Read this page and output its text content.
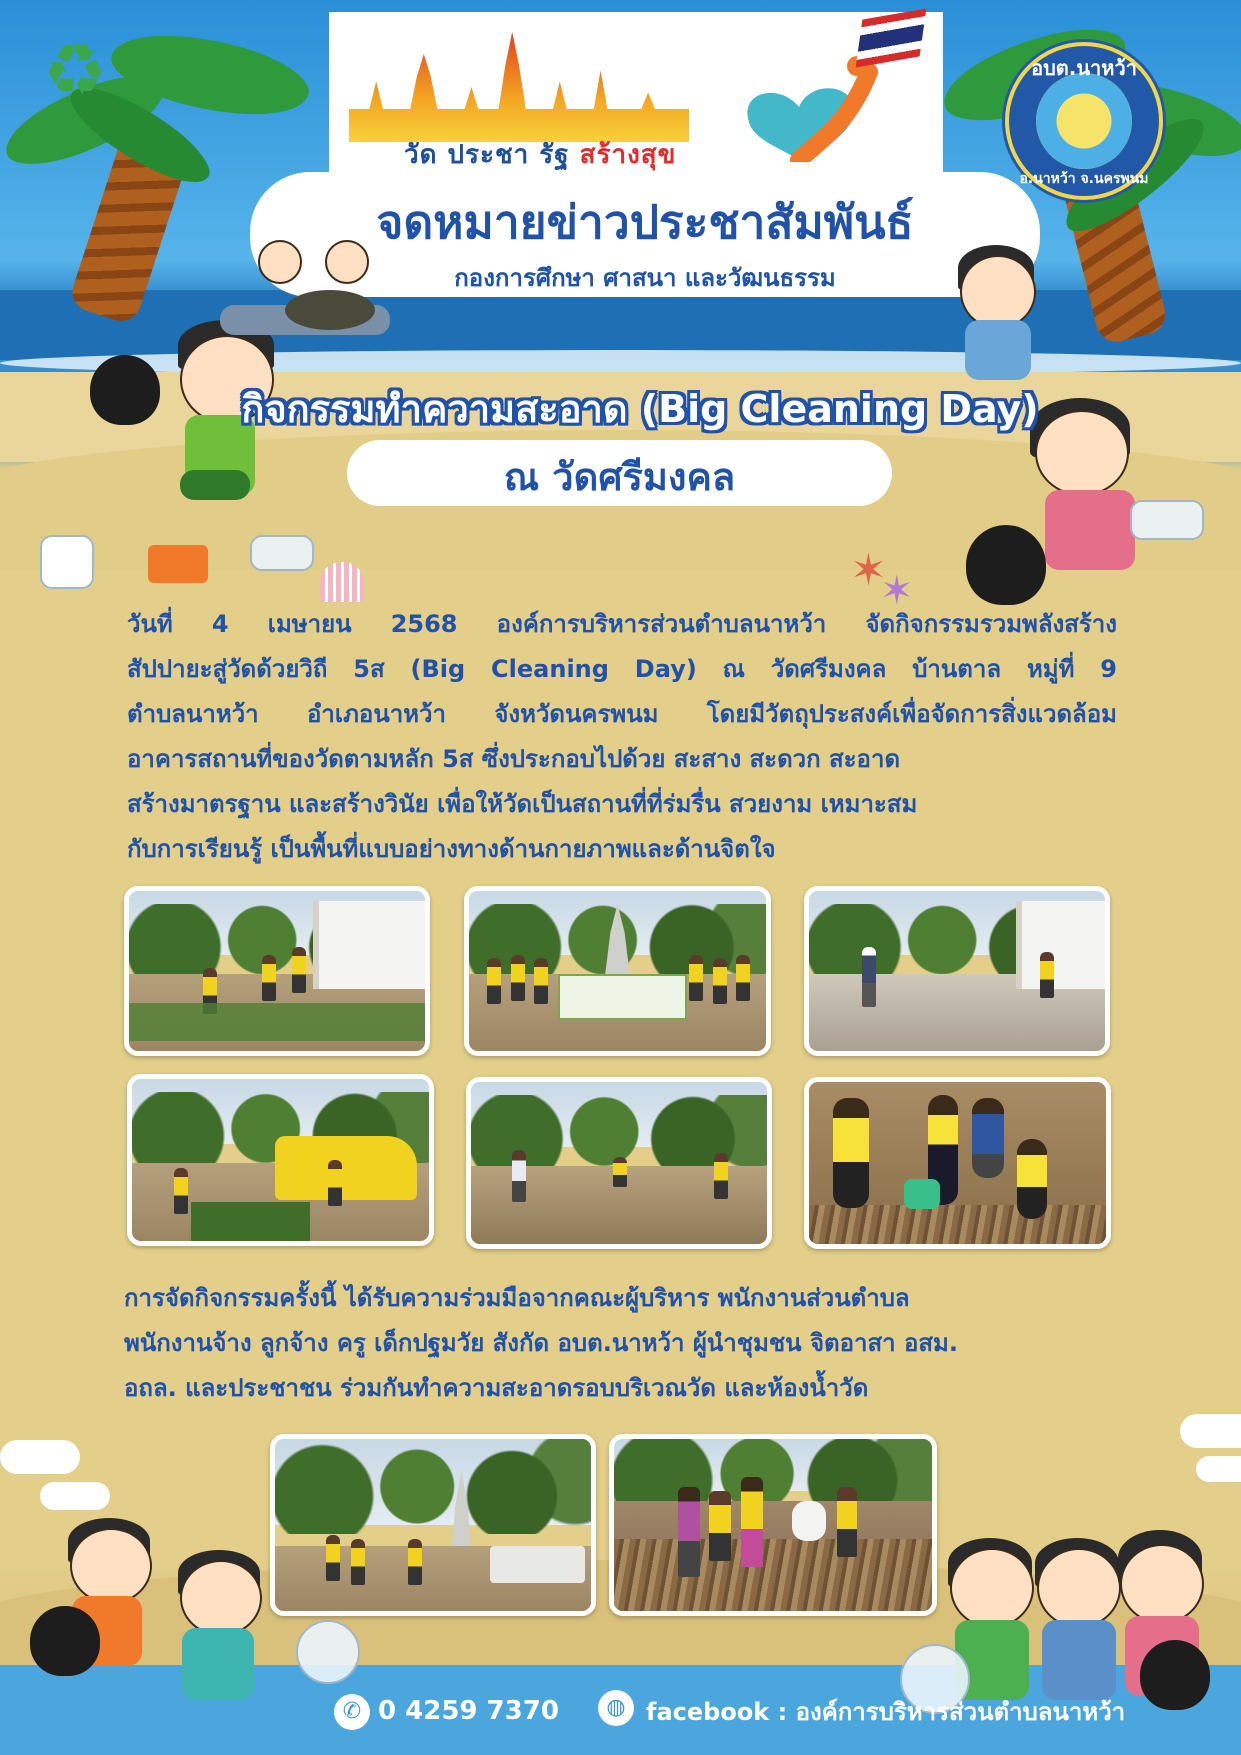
♻
วัด ประชา รัฐ สร้างสุข
จดหมายข่าวประชาสัมพันธ์
กองการศึกษา ศาสนา และวัฒนธรรม
อบต.นาหว้า
อ.นาหว้า จ.นครพนม
✶
✶
กิจกรรมทำความสะอาด (Big Cleaning Day)
ณ วัดศรีมงคล
วันที่ 4 เมษายน 2568 องค์การบริหารส่วนตำบลนาหว้า จัดกิจกรรมรวมพลังสร้าง
สัปปายะสู่วัดด้วยวิถี 5ส (Big Cleaning Day) ณ วัดศรีมงคล บ้านตาล หมู่ที่ 9
ตำบลนาหว้า อำเภอนาหว้า จังหวัดนครพนม โดยมีวัตถุประสงค์เพื่อจัดการสิ่งแวดล้อม
อาคารสถานที่ของวัดตามหลัก 5ส ซึ่งประกอบไปด้วย สะสาง สะดวก สะอาด
สร้างมาตรฐาน และสร้างวินัย เพื่อให้วัดเป็นสถานที่ที่ร่มรื่น สวยงาม เหมาะสม
กับการเรียนรู้ เป็นพื้นที่แบบอย่างทางด้านกายภาพและด้านจิตใจ
การจัดกิจกรรมครั้งนี้ ได้รับความร่วมมือจากคณะผู้บริหาร พนักงานส่วนตำบล
พนักงานจ้าง ลูกจ้าง ครู เด็กปฐมวัย สังกัด อบต.นาหว้า ผู้นำชุมชน จิตอาสา อสม.
อถล. และประชาชน ร่วมกันทำความสะอาดรอบบริเวณวัด และห้องน้ำวัด
✆ 0 4259 7370	◍ facebook : องค์การบริหารส่วนตำบลนาหว้า
